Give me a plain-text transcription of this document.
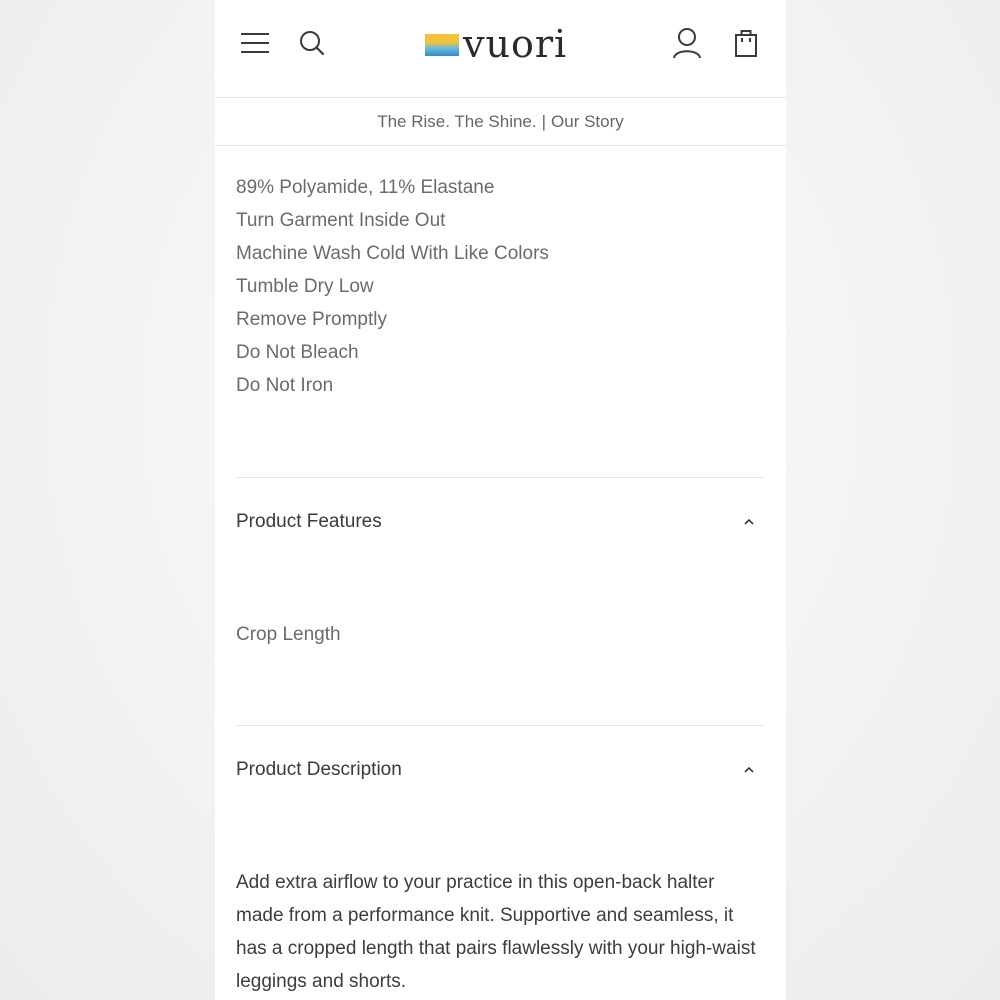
vuori
The Rise. The Shine. | Our Story
89% Polyamide, 11% Elastane
Turn Garment Inside Out
Machine Wash Cold With Like Colors
Tumble Dry Low
Remove Promptly
Do Not Bleach
Do Not Iron
Product Features
Crop Length
Product Description

Add extra airflow to your practice in this open-back halter made from a performance knit. Supportive and seamless, it has a cropped length that pairs flawlessly with your high-waist leggings and shorts.
